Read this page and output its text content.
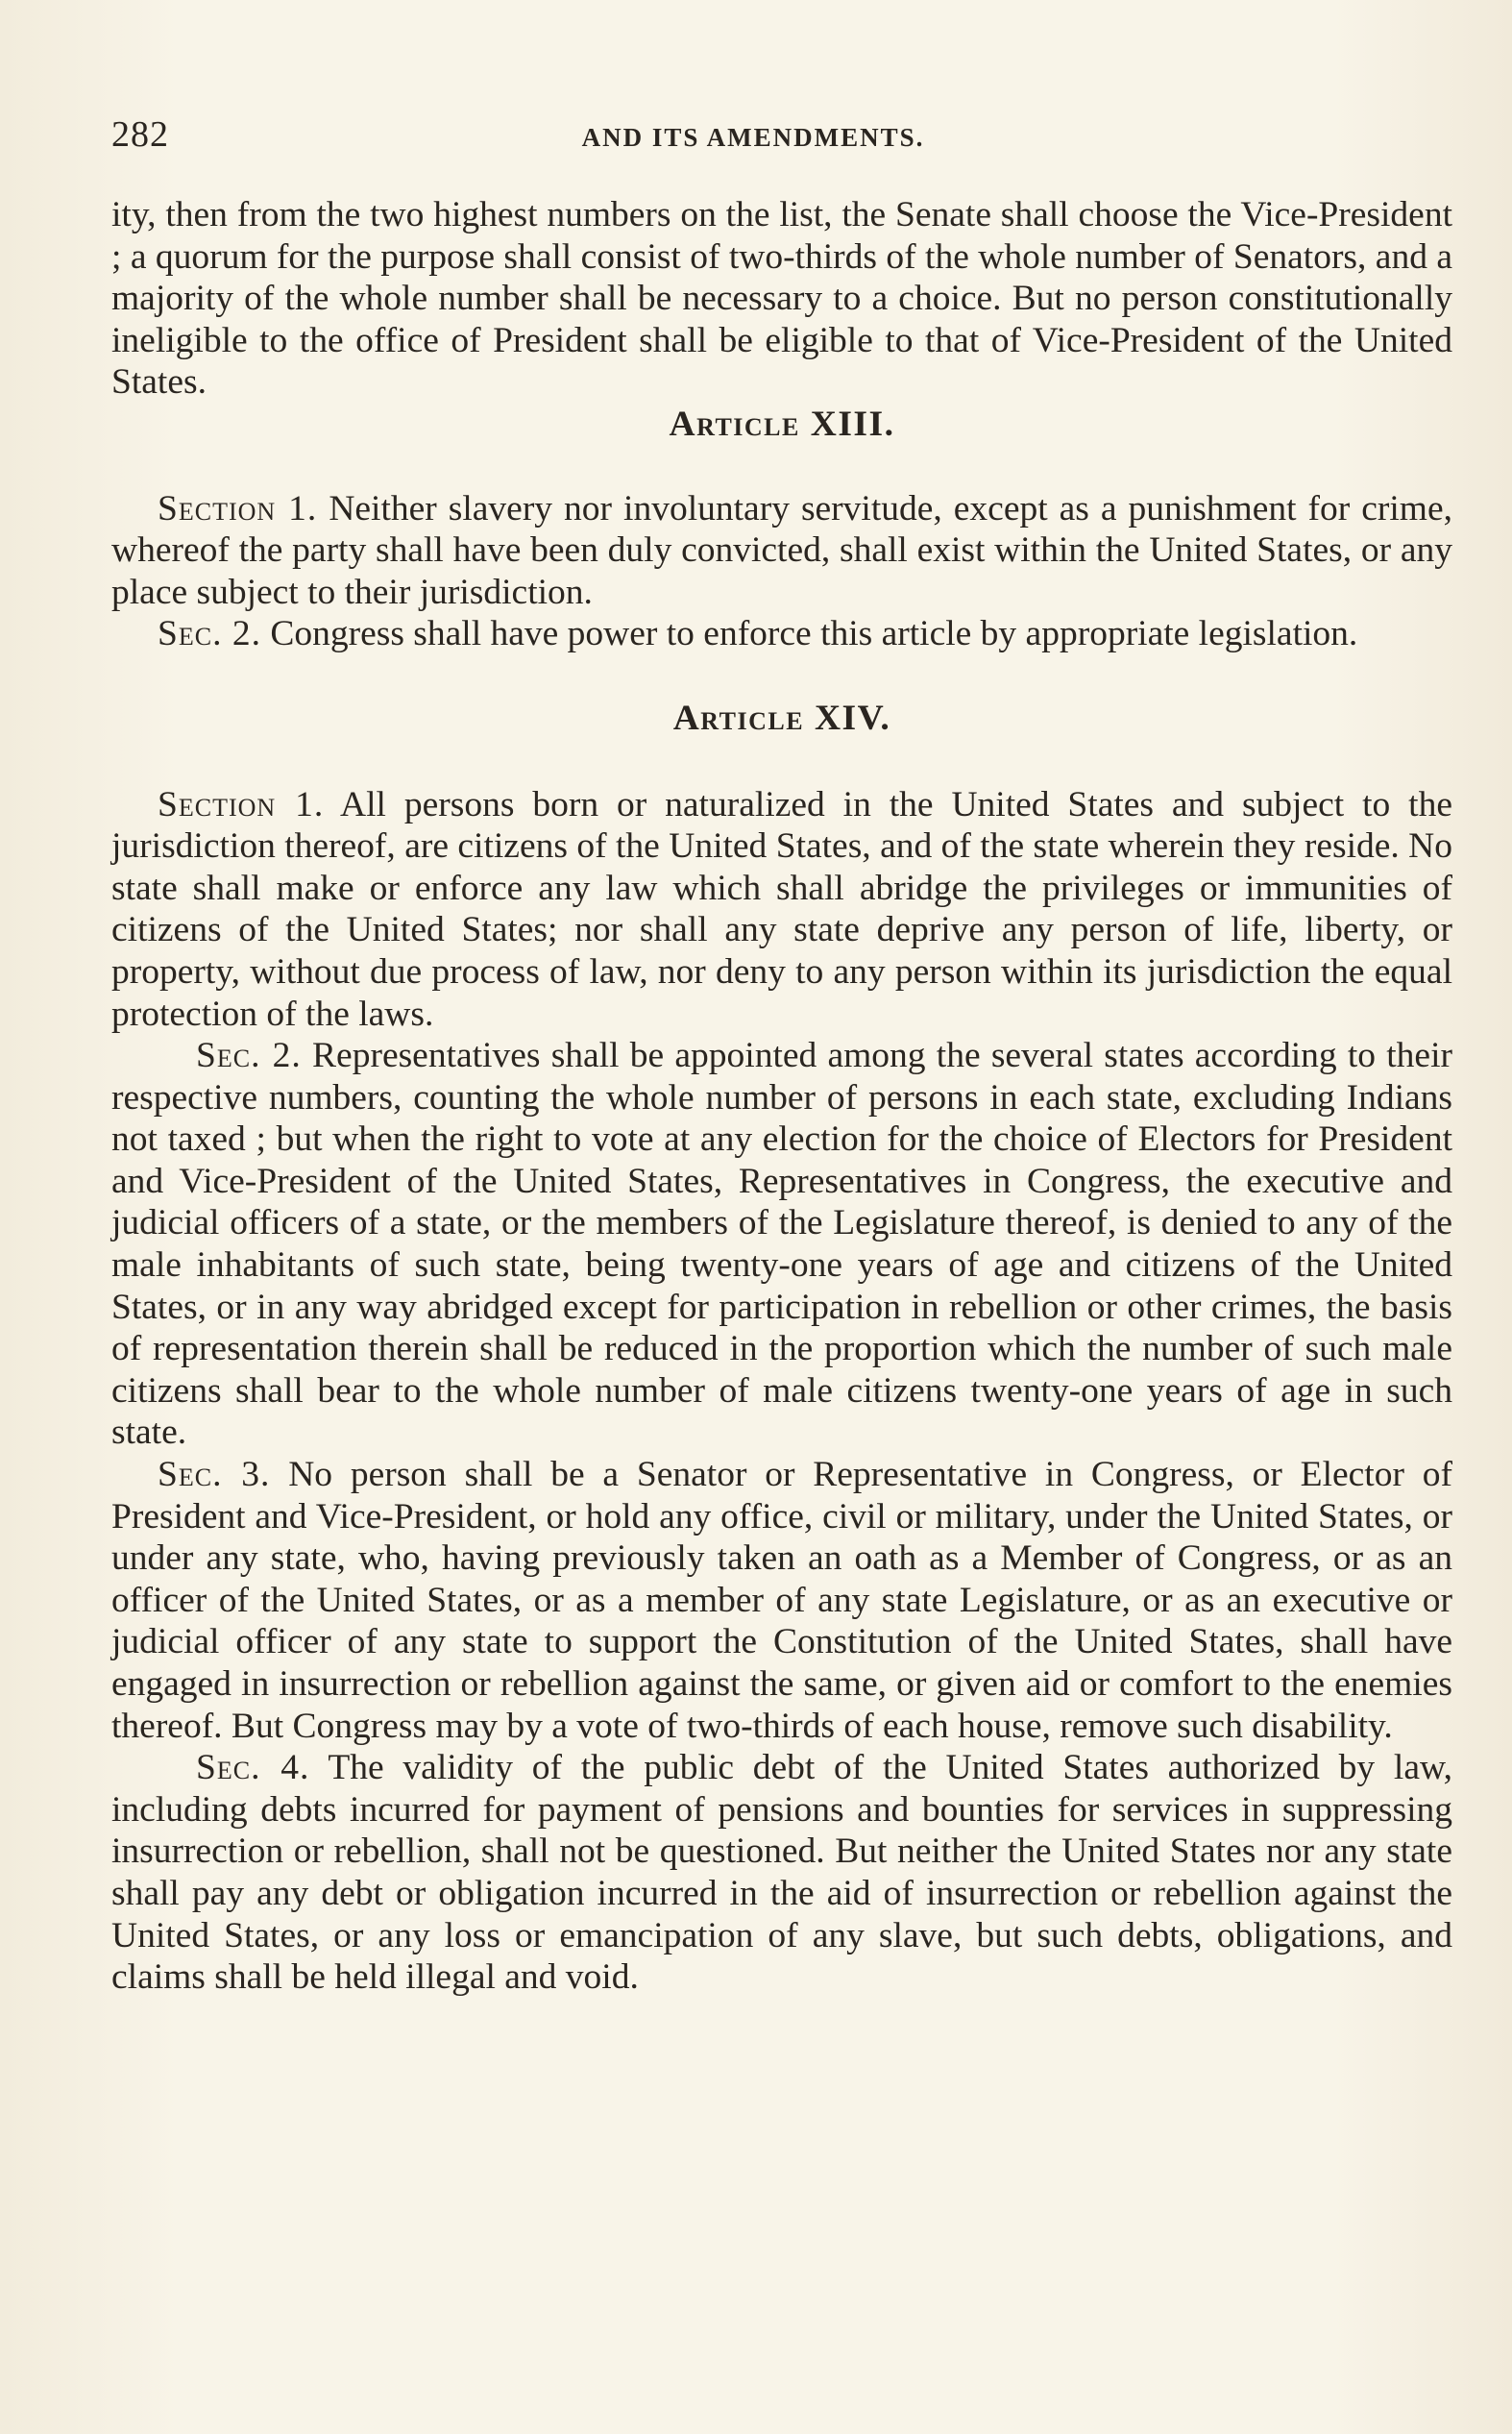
282	AND ITS AMENDMENTS.

ity, then from the two highest numbers on the list, the Senate shall choose the Vice-President ; a quorum for the purpose shall consist of two-thirds of the whole number of Senators, and a majority of the whole number shall be necessary to a choice. But no person constitutionally ineligible to the office of President shall be eligible to that of Vice-President of the United States.

Article XIII.

Section 1. Neither slavery nor involuntary servitude, except as a punishment for crime, whereof the party shall have been duly convicted, shall exist within the United States, or any place subject to their jurisdiction.

Sec. 2. Congress shall have power to enforce this article by appropriate legislation.

Article XIV.

Section 1. All persons born or naturalized in the United States and subject to the jurisdiction thereof, are citizens of the United States, and of the state wherein they reside. No state shall make or enforce any law which shall abridge the privileges or immunities of citizens of the United States; nor shall any state deprive any person of life, liberty, or property, without due process of law, nor deny to any person within its jurisdiction the equal protection of the laws.

Sec. 2. Representatives shall be appointed among the several states according to their respective numbers, counting the whole number of persons in each state, excluding Indians not taxed ; but when the right to vote at any election for the choice of Electors for President and Vice-President of the United States, Representatives in Congress, the executive and judicial officers of a state, or the members of the Legislature thereof, is denied to any of the male inhabitants of such state, being twenty-one years of age and citizens of the United States, or in any way abridged except for participation in rebellion or other crimes, the basis of representation therein shall be reduced in the proportion which the number of such male citizens shall bear to the whole number of male citizens twenty-one years of age in such state.

Sec. 3. No person shall be a Senator or Representative in Congress, or Elector of President and Vice-President, or hold any office, civil or military, under the United States, or under any state, who, having previously taken an oath as a Member of Congress, or as an officer of the United States, or as a member of any state Legislature, or as an executive or judicial officer of any state to support the Constitution of the United States, shall have engaged in insurrection or rebellion against the same, or given aid or comfort to the enemies thereof. But Congress may by a vote of two-thirds of each house, remove such disability.

Sec. 4. The validity of the public debt of the United States authorized by law, including debts incurred for payment of pensions and bounties for services in suppressing insurrection or rebellion, shall not be questioned. But neither the United States nor any state shall pay any debt or obligation incurred in the aid of insurrection or rebellion against the United States, or any loss or emancipation of any slave, but such debts, obligations, and claims shall be held illegal and void.
